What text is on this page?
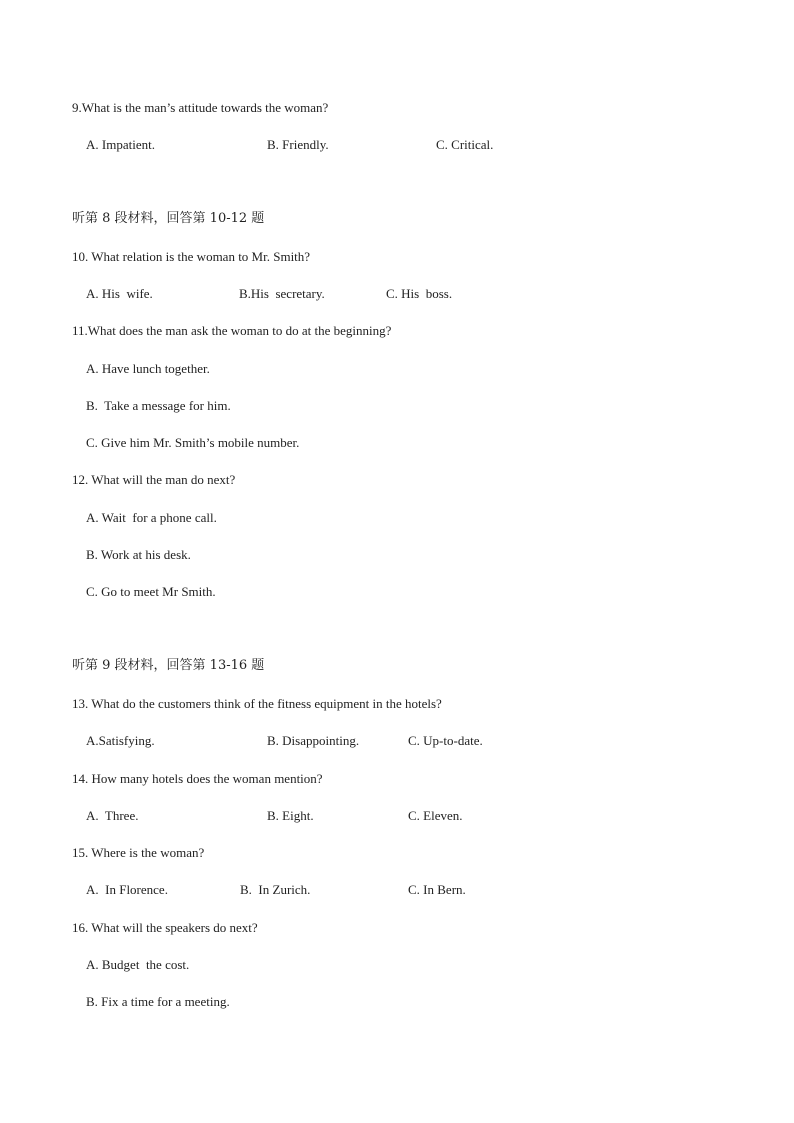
9.What is the man’s attitude towards the woman?
A. Impatient.	B. Friendly.	C. Critical.
听第 8 段材料，回答第 10-12 题
10. What relation is the woman to Mr. Smith?
A. His  wife.	B.His  secretary.	C. His  boss.
11.What does the man ask the woman to do at the beginning?
A. Have lunch together.
B.  Take a message for him.
C. Give him Mr. Smith’s mobile number.
12. What will the man do next?
A. Wait  for a phone call.
B. Work at his desk.
C. Go to meet Mr Smith.
听第 9 段材料，回答第 13-16 题
13. What do the customers think of the fitness equipment in the hotels?
A.Satisfying.	B. Disappointing.	C. Up-to-date.
14. How many hotels does the woman mention?
A.  Three.	B. Eight.	C. Eleven.
15. Where is the woman?
A.  In Florence.	B.  In Zurich.	C. In Bern.
16. What will the speakers do next?
A. Budget  the cost.
B. Fix a time for a meeting.
